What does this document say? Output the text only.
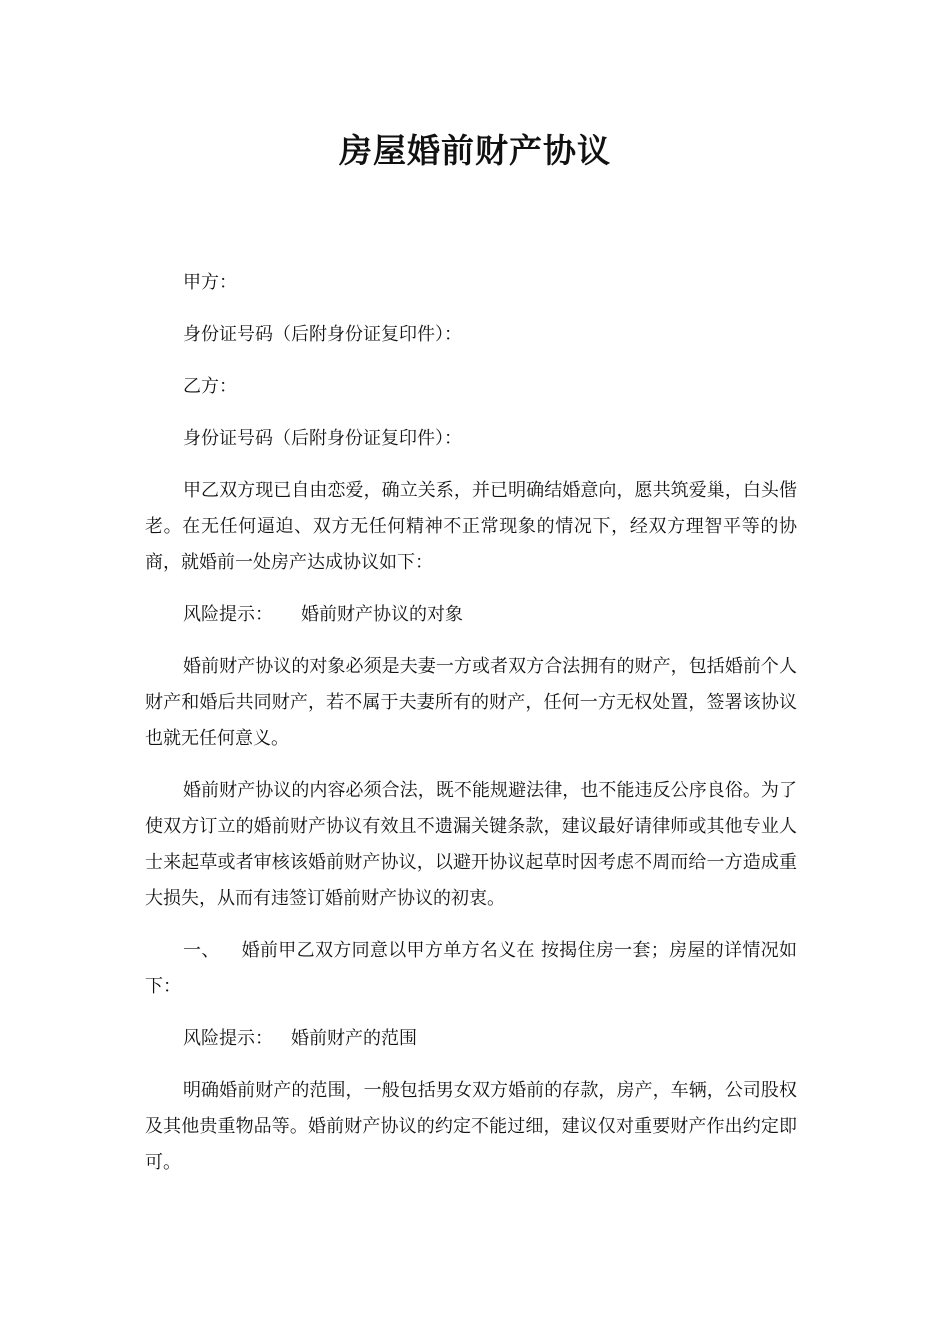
房屋婚前财产协议

甲方：

身份证号码（后附身份证复印件）：

乙方：

身份证号码（后附身份证复印件）：

甲乙双方现已自由恋爱，确立关系，并已明确结婚意向，愿共筑爱巢，白头偕老。在无任何逼迫、双方无任何精神不正常现象的情况下，经双方理智平等的协商，就婚前一处房产达成协议如下：

风险提示： 婚前财产协议的对象

婚前财产协议的对象必须是夫妻一方或者双方合法拥有的财产，包括婚前个人财产和婚后共同财产，若不属于夫妻所有的财产，任何一方无权处置，签署该协议也就无任何意义。

婚前财产协议的内容必须合法，既不能规避法律，也不能违反公序良俗。为了使双方订立的婚前财产协议有效且不遗漏关键条款，建议最好请律师或其他专业人士来起草或者审核该婚前财产协议，以避开协议起草时因考虑不周而给一方造成重大损失，从而有违签订婚前财产协议的初衷。

一、 婚前甲乙双方同意以甲方单方名义在 按揭住房一套；房屋的详情况如下：

风险提示： 婚前财产的范围

明确婚前财产的范围，一般包括男女双方婚前的存款，房产，车辆，公司股权及其他贵重物品等。婚前财产协议的约定不能过细，建议仅对重要财产作出约定即可。
